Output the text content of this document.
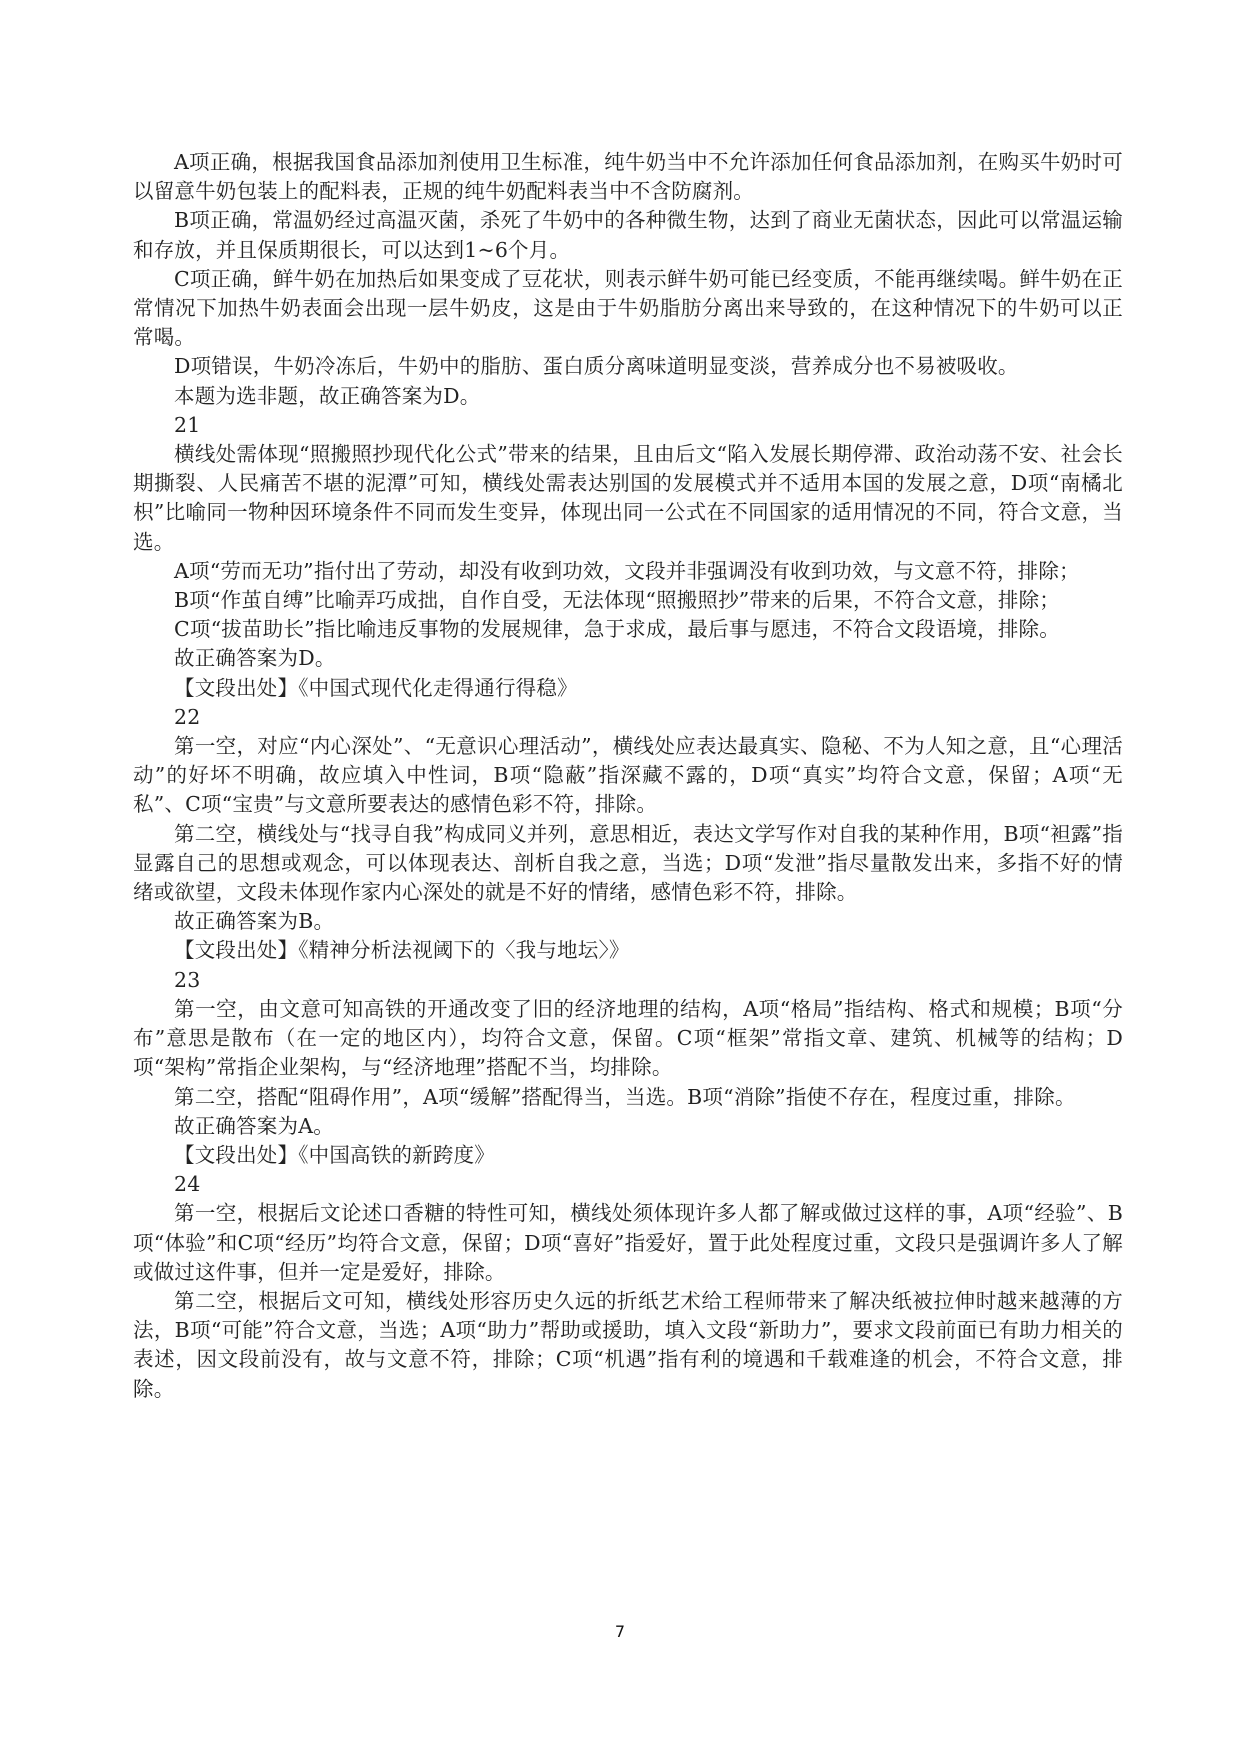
A项正确，根据我国食品添加剂使用卫生标准，纯牛奶当中不允许添加任何食品添加剂，在购买牛奶时可以留意牛奶包装上的配料表，正规的纯牛奶配料表当中不含防腐剂。

B项正确，常温奶经过高温灭菌，杀死了牛奶中的各种微生物，达到了商业无菌状态，因此可以常温运输和存放，并且保质期很长，可以达到1~6个月。

C项正确，鲜牛奶在加热后如果变成了豆花状，则表示鲜牛奶可能已经变质，不能再继续喝。鲜牛奶在正常情况下加热牛奶表面会出现一层牛奶皮，这是由于牛奶脂肪分离出来导致的，在这种情况下的牛奶可以正常喝。

D项错误，牛奶冷冻后，牛奶中的脂肪、蛋白质分离味道明显变淡，营养成分也不易被吸收。

本题为选非题，故正确答案为D。

21

横线处需体现“照搬照抄现代化公式”带来的结果，且由后文“陷入发展长期停滞、政治动荡不安、社会长期撕裂、人民痛苦不堪的泥潭”可知，横线处需表达别国的发展模式并不适用本国的发展之意，D项“南橘北枳”比喻同一物种因环境条件不同而发生变异，体现出同一公式在不同国家的适用情况的不同，符合文意，当选。

A项“劳而无功”指付出了劳动，却没有收到功效，文段并非强调没有收到功效，与文意不符，排除；

B项“作茧自缚”比喻弄巧成拙，自作自受，无法体现“照搬照抄”带来的后果，不符合文意，排除；

C项“拔苗助长”指比喻违反事物的发展规律，急于求成，最后事与愿违，不符合文段语境，排除。

故正确答案为D。

【文段出处】《中国式现代化走得通行得稳》

22

第一空，对应“内心深处”、“无意识心理活动”，横线处应表达最真实、隐秘、不为人知之意，且“心理活动”的好坏不明确，故应填入中性词，B项“隐蔽”指深藏不露的，D项“真实”均符合文意，保留；A项“无私”、C项“宝贵”与文意所要表达的感情色彩不符，排除。

第二空，横线处与“找寻自我”构成同义并列，意思相近，表达文学写作对自我的某种作用，B项“袒露”指显露自己的思想或观念，可以体现表达、剖析自我之意，当选；D项“发泄”指尽量散发出来，多指不好的情绪或欲望，文段未体现作家内心深处的就是不好的情绪，感情色彩不符，排除。

故正确答案为B。

【文段出处】《精神分析法视阈下的〈我与地坛〉》

23

第一空，由文意可知高铁的开通改变了旧的经济地理的结构，A项“格局”指结构、格式和规模；B项“分布”意思是散布（在一定的地区内），均符合文意，保留。C项“框架”常指文章、建筑、机械等的结构；D项“架构”常指企业架构，与“经济地理”搭配不当，均排除。

第二空，搭配“阻碍作用”，A项“缓解”搭配得当，当选。B项“消除”指使不存在，程度过重，排除。

故正确答案为A。

【文段出处】《中国高铁的新跨度》

24

第一空，根据后文论述口香糖的特性可知，横线处须体现许多人都了解或做过这样的事，A项“经验”、B项“体验”和C项“经历”均符合文意，保留；D项“喜好”指爱好，置于此处程度过重，文段只是强调许多人了解或做过这件事，但并一定是爱好，排除。

第二空，根据后文可知，横线处形容历史久远的折纸艺术给工程师带来了解决纸被拉伸时越来越薄的方法，B项“可能”符合文意，当选；A项“助力”帮助或援助，填入文段“新助力”，要求文段前面已有助力相关的表述，因文段前没有，故与文意不符，排除；C项“机遇”指有利的境遇和千载难逢的机会，不符合文意，排除。

7
